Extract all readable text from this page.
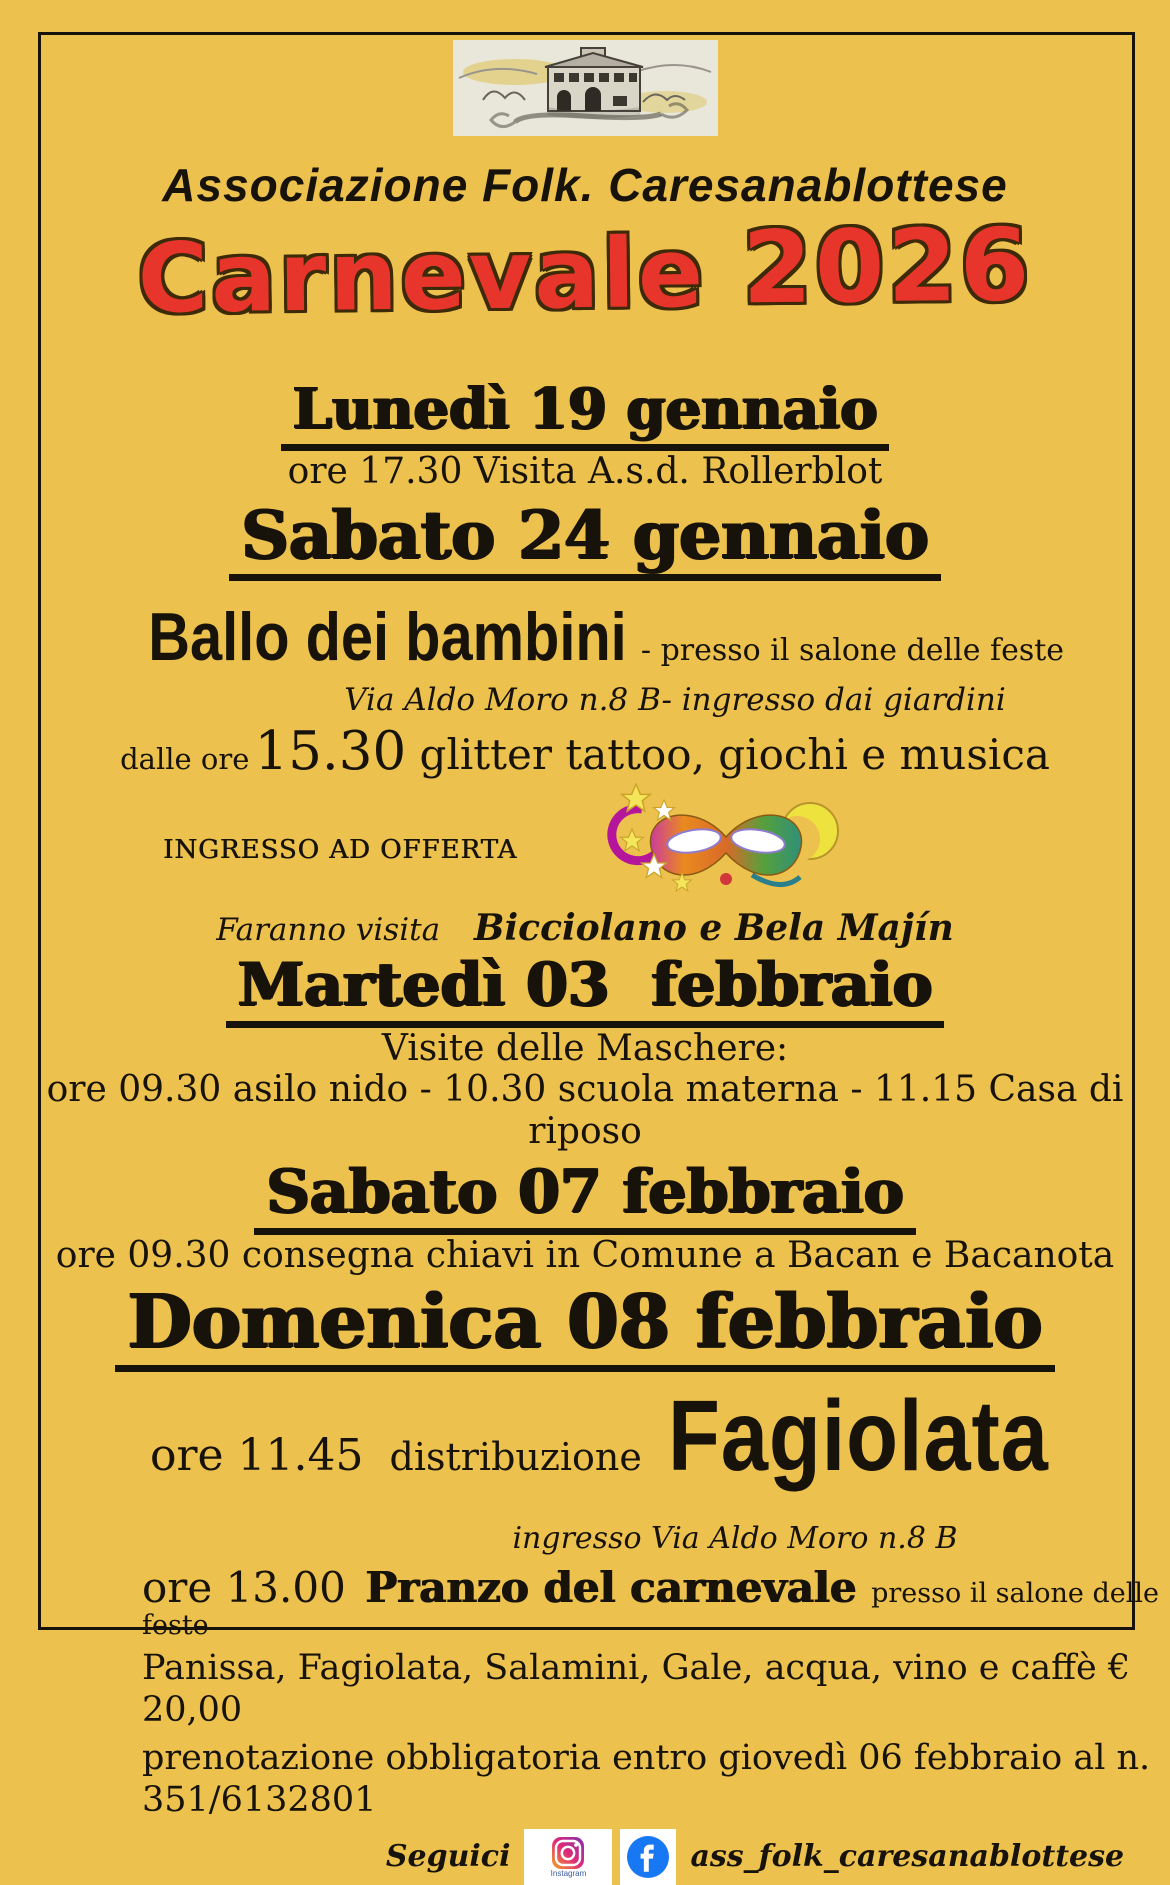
Associazione Folk. Caresanablottese
Carnevale 2026
Lunedì 19 gennaio
ore 17.30 Visita A.s.d. Rollerblot
Sabato 24 gennaio
Ballo dei bambini - presso il salone delle feste
Via Aldo Moro n.8 B- ingresso dai giardini
dalle ore 15.30 glitter tattoo, giochi e musica
INGRESSO AD OFFERTA
Faranno visita Bicciolano e Bela Majín
Martedì 03  febbraio
Visite delle Maschere:
ore 09.30 asilo nido - 10.30 scuola materna - 11.15 Casa di riposo
Sabato 07 febbraio
ore 09.30 consegna chiavi in Comune a Bacan e Bacanota
Domenica 08 febbraio
ore 11.45 distribuzione Fagiolata
ingresso Via Aldo Moro n.8 B
ore 13.00 Pranzo del carnevale presso il salone delle feste
Panissa, Fagiolata, Salamini, Gale, acqua, vino e caffè € 20,00
prenotazione obbligatoria entro giovedì 06 febbraio al n. 351/6132801
Seguici	Instagram	ass_folk_caresanablottese
